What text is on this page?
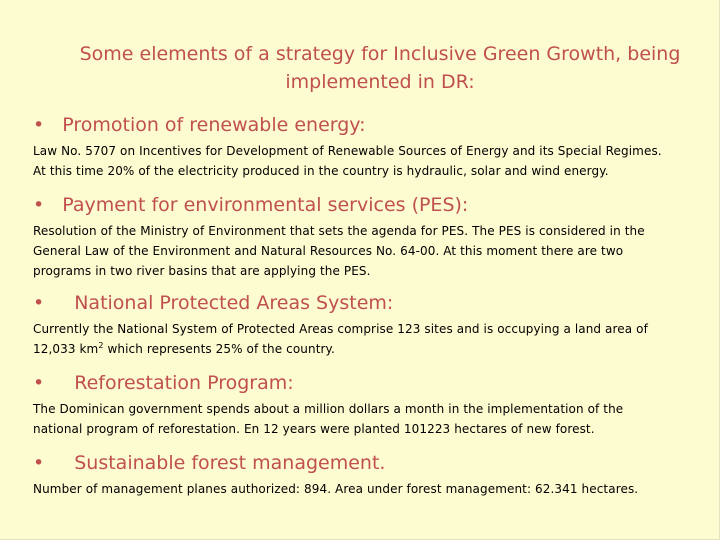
Some elements of a strategy for Inclusive Green Growth, being
implemented in DR:
• Promotion of renewable energy:
Law No. 5707 on Incentives for Development of Renewable Sources of Energy and its Special Regimes.
At this time 20% of the electricity produced in the country is hydraulic, solar and wind energy.
• Payment for environmental services (PES):
Resolution of the Ministry of Environment that sets the agenda for PES. The PES is considered in the
General Law of the Environment and Natural Resources No. 64-00. At this moment there are two
programs in two river basins that are applying the PES.
• National Protected Areas System:
Currently the National System of Protected Areas comprise 123 sites and is occupying a land area of
12,033 $km^2$ which represents 25% of the country.
• Reforestation Program:
The Dominican government spends about a million dollars a month in the implementation of the
national program of reforestation. En 12 years were planted 101223 hectares of new forest.
• Sustainable forest management.
Number of management planes authorized: 894. Area under forest management: 62.341 hectares.
